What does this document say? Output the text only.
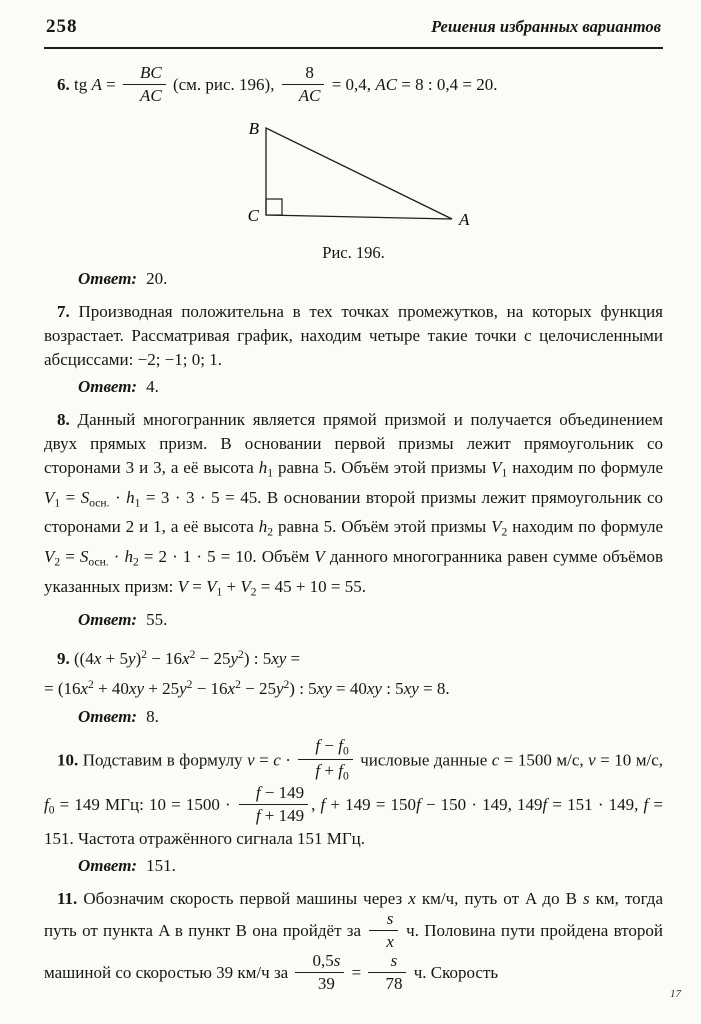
258	Решения избранных вариантов

6. tg $A = \frac{BC}{AC} (см$. рис. 196), $\frac{8}{AC} = 0,4$, AC = 8 : 0,4 = 20.

B
C	A
Рис. 196.

Ответ: 20.

7. Производная положительна в тех точках промежутков, на которых функция возрастает. Рассматривая график, находим четыре такие точки с целочисленными абсциссами: −2; −1; 0; 1.

Ответ: 4.

8. Данный многогранник является прямой призмой и получается объединением двух прямых призм. В основании первой призмы лежит прямоугольник со сторонами 3 и 3, а её высота $h_1$ равна 5. Объём этой призмы $V_1$ находим по формуле $V_1 = S_{осн.} \cdot h_1 = 3 \cdot 3 \cdot 5 = 45$. В основании второй призмы лежит прямоугольник со сторонами 2 и 1, а её высота $h_2$ равна 5. Объём этой призмы $V_2$ находим по формуле $V_2 = S_{осн.} \cdot h_2 = 2 \cdot 1 \cdot 5 = 10$. Объём V данного многогранника равен сумме объёмов указанных призм: $V = V_1 + V_2 = 45 + 10 = 55$.

Ответ: 55.

9. $((4x + 5y)^2 - 16x^2 - 25y^2)$ : 5xy =
= $(16x^2 + 40xy + 25y^2 - 16x^2 - 25y^2)$ : 5xy = 40xy : 5xy = 8.

Ответ: 8.

10. Подставим в формулу $v = c \cdot \frac{f - f_0}{f + f_0}$ числовые данные c = 1500 м/с, v = 10 м/с, $f_0 = 149$ МГц: $10 = 1500 \cdot \frac{f - 149}{f + 149}$ , f + 149 = 150f − 150 · 149, 149f = 151 · 149, f = 151. Частота отражённого сигнала 151 МГц.

Ответ: 151.

11. Обозначим скорость первой машины через x км/ч, путь от A до B s км, тогда путь от пункта A в пункт B она пройдёт за $\frac{s}{x} ч$. Половина пути пройдена второй машиной со скоростью 39 км/ч за $\frac{0,5s}{39} = \frac{s}{78} ч$. Скорость

17
